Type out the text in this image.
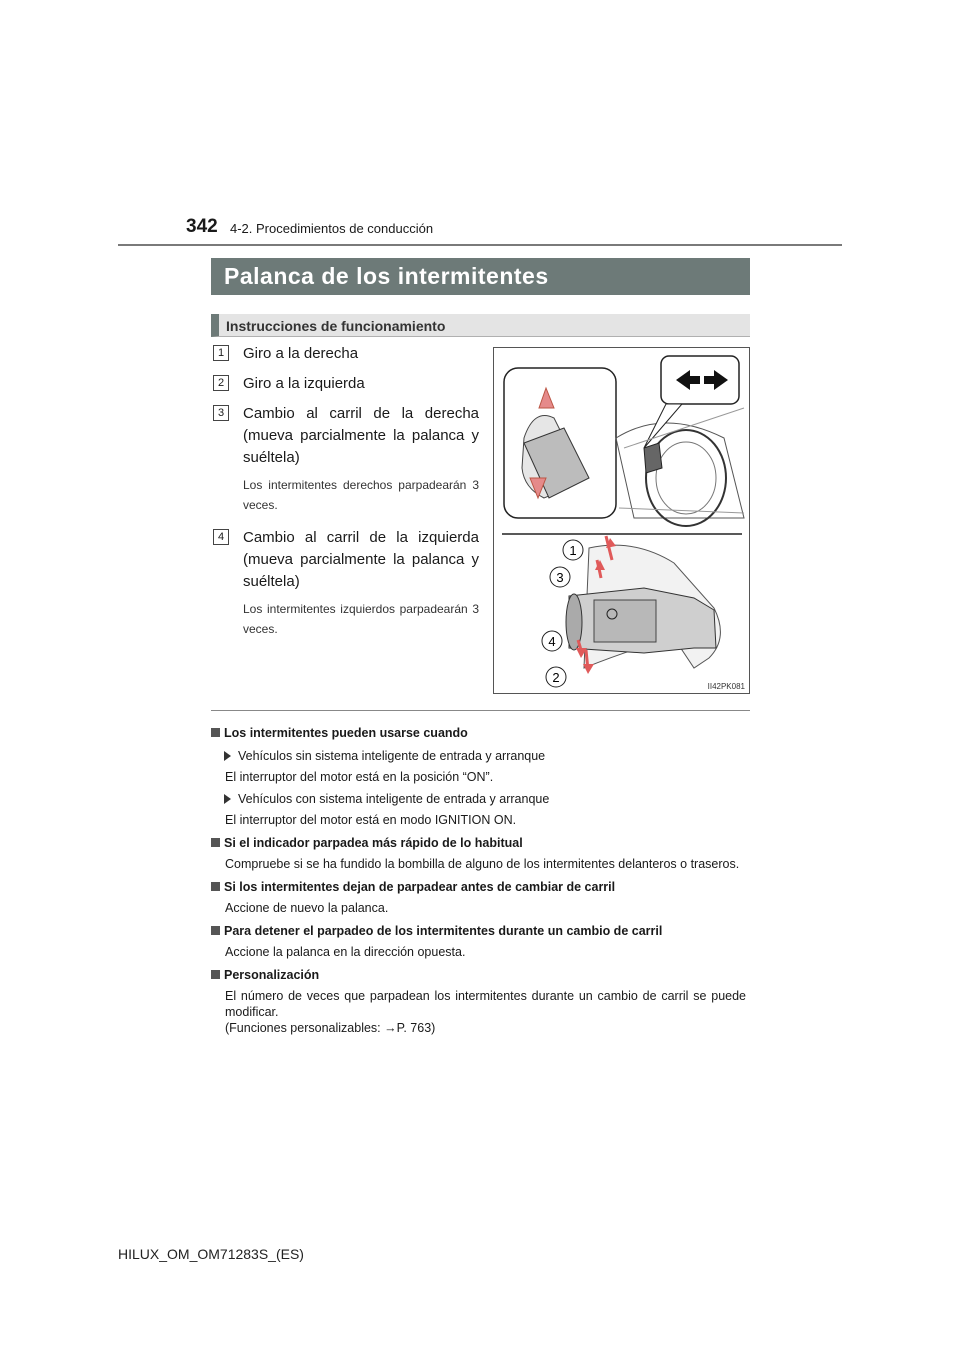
342 4-2. Procedimientos de conducción
Palanca de los intermitentes
Instrucciones de funcionamiento
1	Giro a la derecha
2	Giro a la izquierda
3	Cambio al carril de la derecha (mueva parcialmente la palanca y suéltela)
Los intermitentes derechos parpadearán 3 veces.
4	Cambio al carril de la izquierda (mueva parcialmente la palanca y suéltela)
Los intermitentes izquierdos parpadearán 3 veces.
1
3
4
2
II42PK081
Los intermitentes pueden usarse cuando
Vehículos sin sistema inteligente de entrada y arranque
El interruptor del motor está en la posición “ON”.
Vehículos con sistema inteligente de entrada y arranque
El interruptor del motor está en modo IGNITION ON.
Si el indicador parpadea más rápido de lo habitual
Compruebe si se ha fundido la bombilla de alguno de los intermitentes delanteros o traseros.
Si los intermitentes dejan de parpadear antes de cambiar de carril
Accione de nuevo la palanca.
Para detener el parpadeo de los intermitentes durante un cambio de carril
Accione la palanca en la dirección opuesta.
Personalización
El número de veces que parpadean los intermitentes durante un cambio de carril se puede modificar.
(Funciones personalizables: →P. 763)
HILUX_OM_OM71283S_(ES)
